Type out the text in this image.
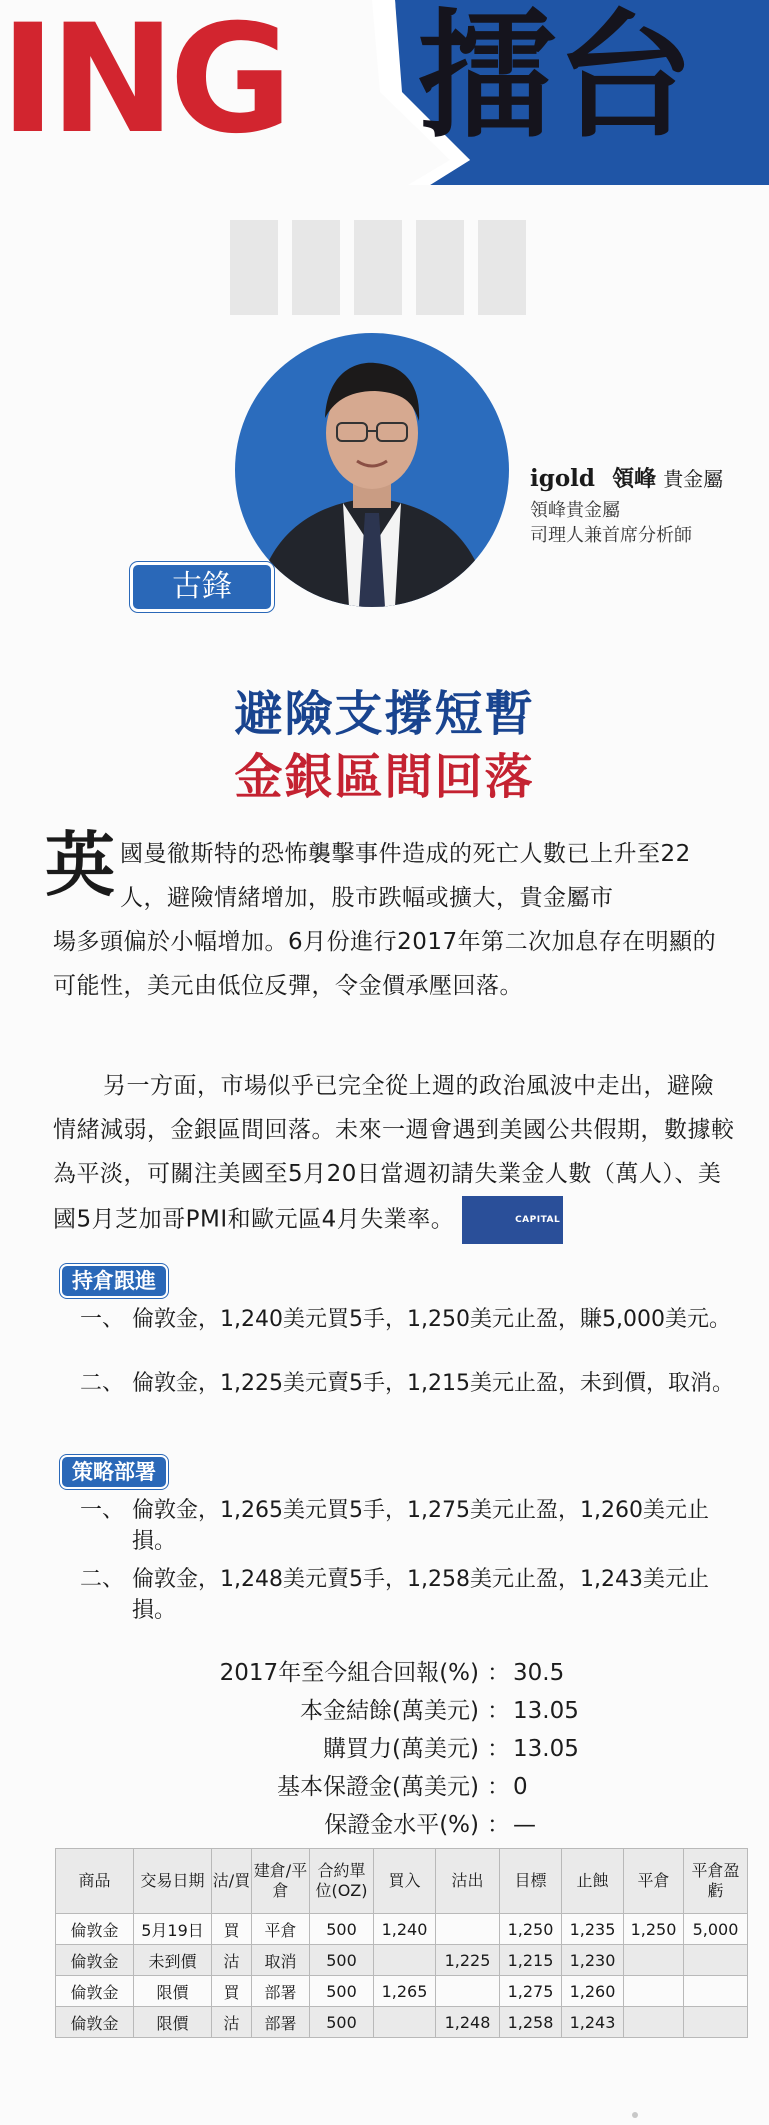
ING 擂台
古鋒
igold 領峰 貴金屬
領峰貴金屬
司理人兼首席分析師
避險支撐短暫
金銀區間回落
英 國曼徹斯特的恐怖襲擊事件造成的死亡人數已上升至22人，避險情緒增加，股市跌幅或擴大，貴金屬市
場多頭偏於小幅增加。6月份進行2017年第二次加息存在明顯的可能性，美元由低位反彈，令金價承壓回落。
另一方面，市場似乎已完全從上週的政治風波中走出，避險情緒減弱，金銀區間回落。未來一週會遇到美國公共假期，數據較為平淡，可關注美國至5月20日當週初請失業金人數（萬人）、美國5月芝加哥PMI和歐元區4月失業率。	CAPITAL
持倉跟進
一、 倫敦金，1,240美元買5手，1,250美元止盈，賺5,000美元。
二、 倫敦金，1,225美元賣5手，1,215美元止盈，未到價，取消。
策略部署
一、 倫敦金，1,265美元買5手，1,275美元止盈，1,260美元止損。
二、 倫敦金，1,248美元賣5手，1,258美元止盈，1,243美元止損。
2017年至今組合回報(%) ： 30.5
本金結餘(萬美元) ： 13.05
購買力(萬美元) ： 13.05
基本保證金(萬美元) ： 0
保證金水平(%) ： —
商品	交易日期	沽/買	建倉/平倉	合約單位(OZ)	買入	沽出	目標	止蝕	平倉	平倉盈虧
倫敦金	5月19日	買	平倉	500	1,240		1,250	1,235	1,250	5,000
倫敦金	未到價	沽	取消	500		1,225	1,215	1,230		
倫敦金	限價	買	部署	500	1,265		1,275	1,260		
倫敦金	限價	沽	部署	500		1,248	1,258	1,243		
